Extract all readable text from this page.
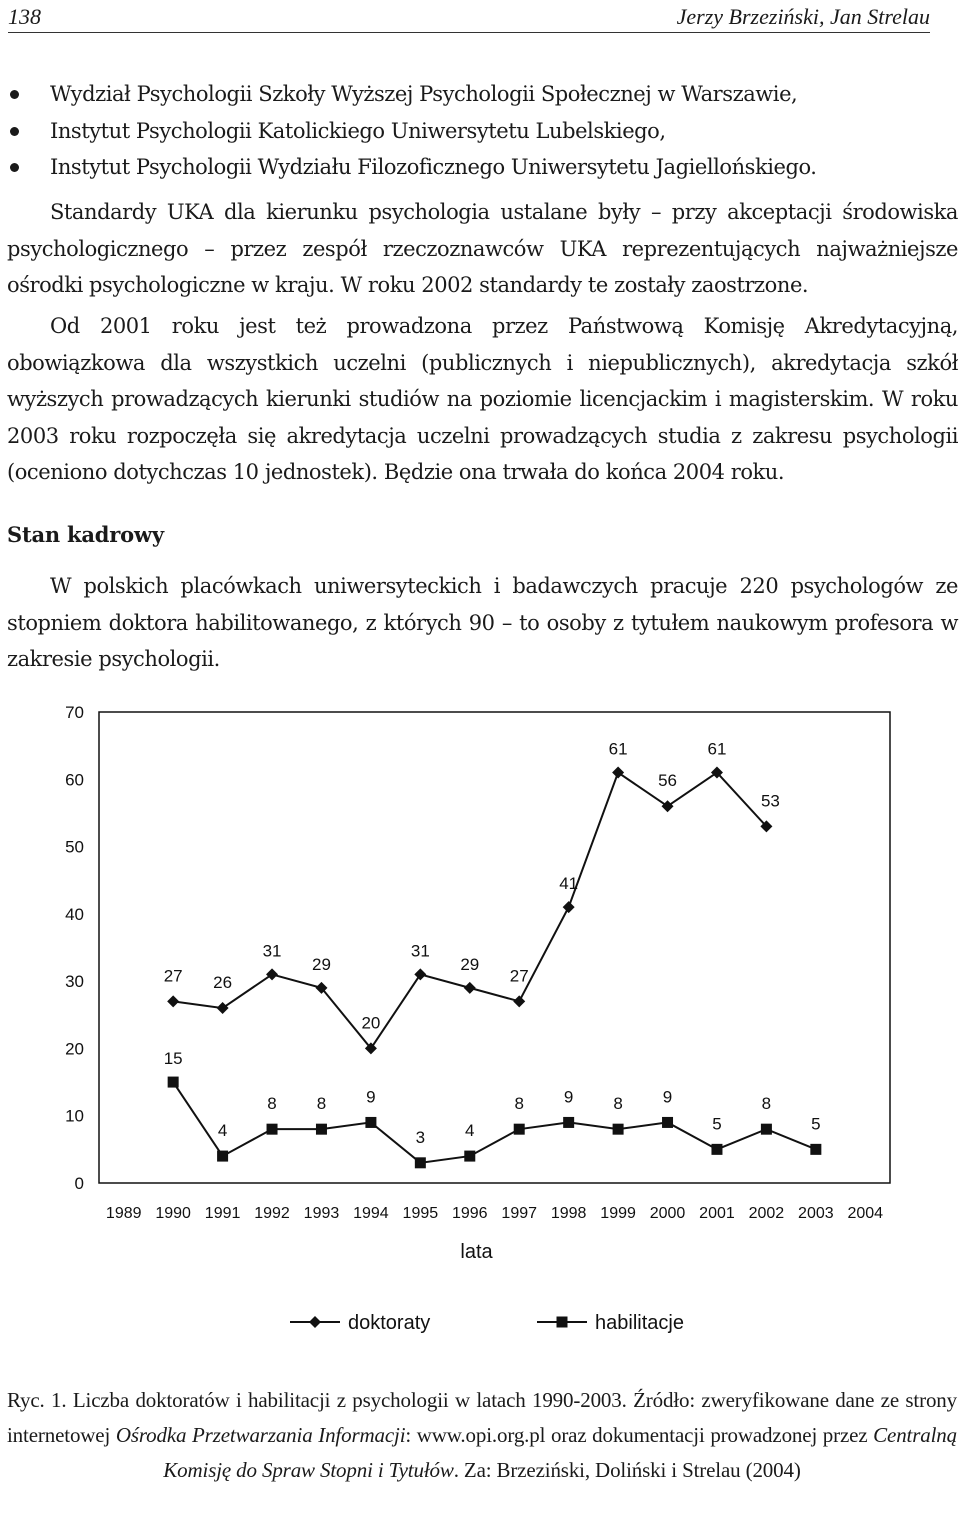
138	Jerzy Brzeziński, Jan Strelau
Wydział Psychologii Szkoły Wyższej Psychologii Społecznej w Warszawie,
Instytut Psychologii Katolickiego Uniwersytetu Lubelskiego,
Instytut Psychologii Wydziału Filozoficznego Uniwersytetu Jagiellońskiego.

Standardy UKA dla kierunku psychologia ustalane były – przy akceptacji środowiska psychologicznego – przez zespół rzeczoznawców UKA reprezentujących najważniejsze ośrodki psychologiczne w kraju. W roku 2002 standardy te zostały zaostrzone.

Od 2001 roku jest też prowadzona przez Państwową Komisję Akredytacyjną, obowiązkowa dla wszystkich uczelni (publicznych i niepublicznych), akredytacja szkół wyższych prowadzących kierunki studiów na poziomie licencjackim i magisterskim. W roku 2003 roku rozpoczęła się akredytacja uczelni prowadzących studia z zakresu psychologii (oceniono dotychczas 10 jednostek). Będzie ona trwała do końca 2004 roku.

Stan kadrowy

W polskich placówkach uniwersyteckich i badawczych pracuje 220 psychologów ze stopniem doktora habilitowanego, z których 90 – to osoby z tytułem naukowym profesora w zakresie psychologii.

0
10
20
30
40
50
60
70
1989 1990 1991 1992 1993 1994 1995 1996 1997 1998 1999 2000 2001 2002 2003 2004
lata
27 26
31
29
20
31
29
27
41
61
56
61
53
15
4
8 8 9
3 4
8 9 8 9
5
8
5
doktoraty	habilitacje
Ryc. 1. Liczba doktoratów i habilitacji z psychologii w latach 1990-2003. Źródło: zweryfikowane dane ze strony internetowej Ośrodka Przetwarzania Informacji: www.opi.org.pl oraz dokumentacji prowadzonej przez Centralną Komisję do Spraw Stopni i Tytułów. Za: Brzeziński, Doliński i Strelau (2004)
